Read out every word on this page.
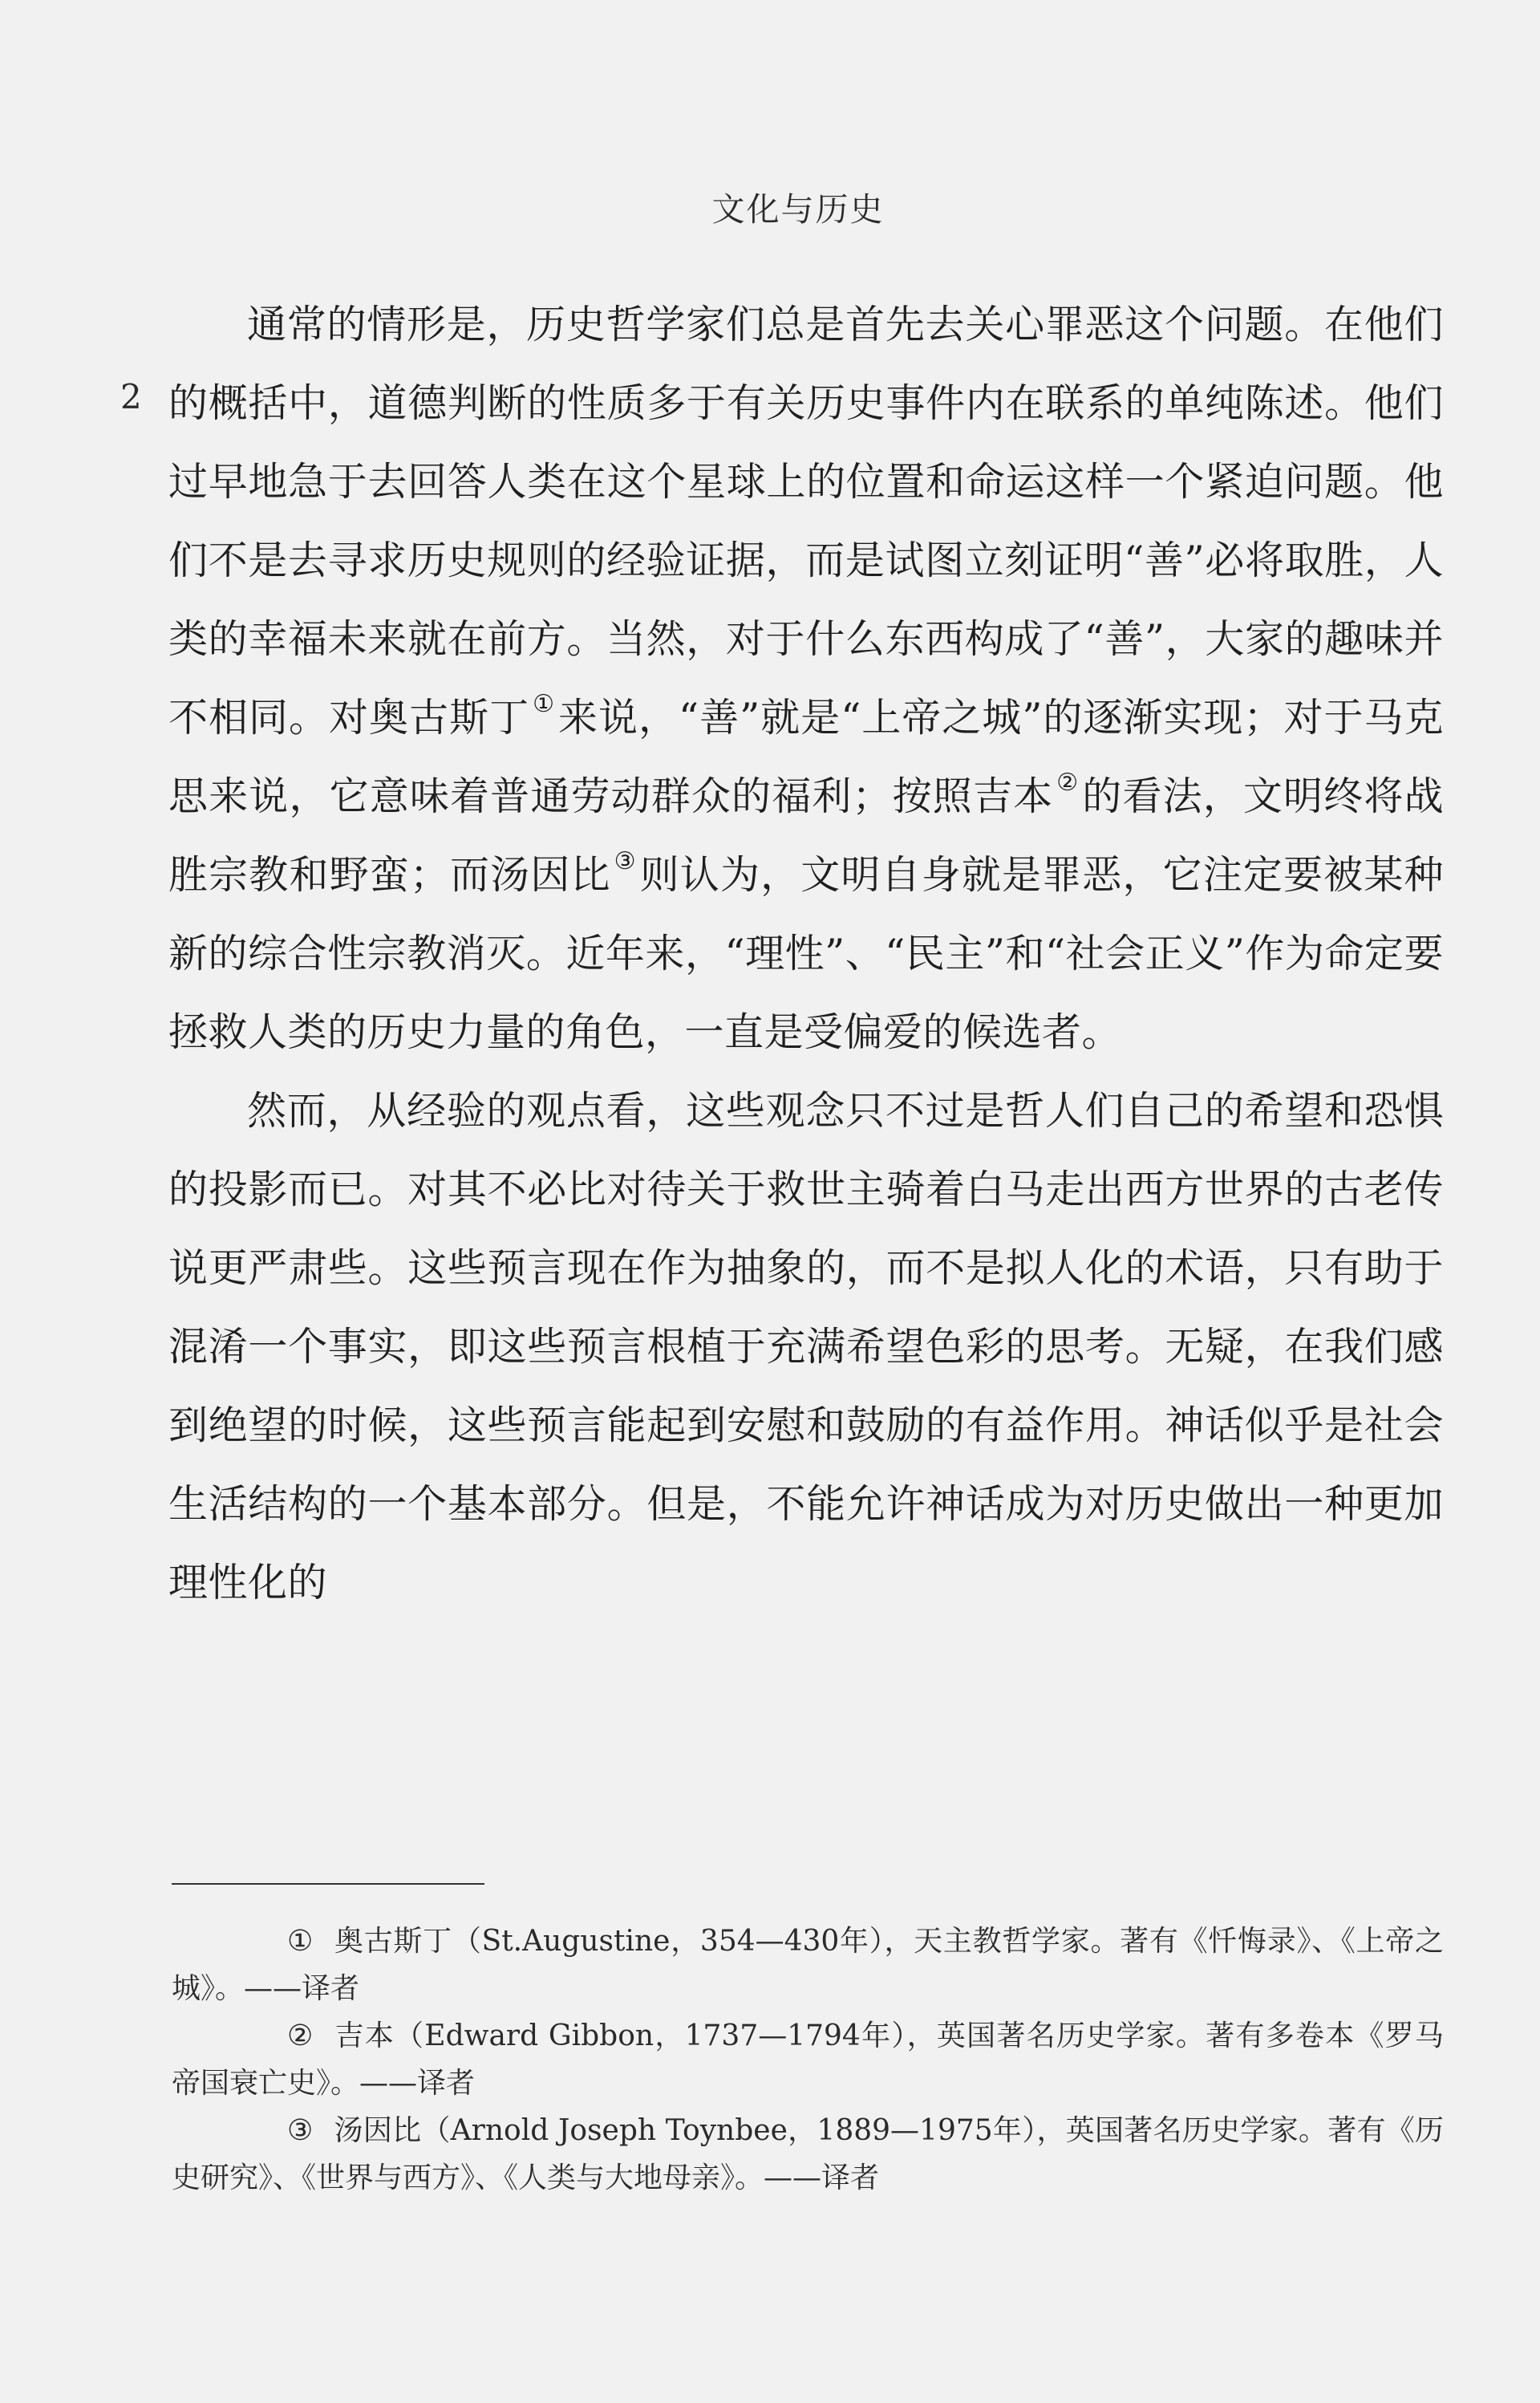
文化与历史
2

通常的情形是，历史哲学家们总是首先去关心罪恶这个问题。在他们的概括中，道德判断的性质多于有关历史事件内在联系的单纯陈述。他们过早地急于去回答人类在这个星球上的位置和命运这样一个紧迫问题。他们不是去寻求历史规则的经验证据，而是试图立刻证明“善”必将取胜，人类的幸福未来就在前方。当然，对于什么东西构成了“善”，大家的趣味并不相同。对奥古斯丁 ①来说，“善”就是“上帝之城”的逐渐实现；对于马克思来说，它意味着普通劳动群众的福利；按照吉本 ②的看法，文明终将战胜宗教和野蛮；而汤因比 ③则认为，文明自身就是罪恶，它注定要被某种新的综合性宗教消灭。近年来，“理性”、“民主”和“社会正义”作为命定要拯救人类的历史力量的角色，一直是受偏爱的候选者。

然而，从经验的观点看，这些观念只不过是哲人们自己的希望和恐惧的投影而已。对其不必比对待关于救世主骑着白马走出西方世界的古老传说更严肃些。这些预言现在作为抽象的，而不是拟人化的术语，只有助于混淆一个事实，即这些预言根植于充满希望色彩的思考。无疑，在我们感到绝望的时候，这些预言能起到安慰和鼓励的有益作用。神话似乎是社会生活结构的一个基本部分。但是，不能允许神话成为对历史做出一种更加理性化的

① 奥古斯丁（St.Augustine，354—430年），天主教哲学家。著有《忏悔录》、《上帝之城》。——译者

② 吉本（Edward Gibbon，1737—1794年），英国著名历史学家。著有多卷本《罗马帝国衰亡史》。——译者

③ 汤因比（Arnold Joseph Toynbee，1889—1975年），英国著名历史学家。著有《历史研究》、《世界与西方》、《人类与大地母亲》。——译者
